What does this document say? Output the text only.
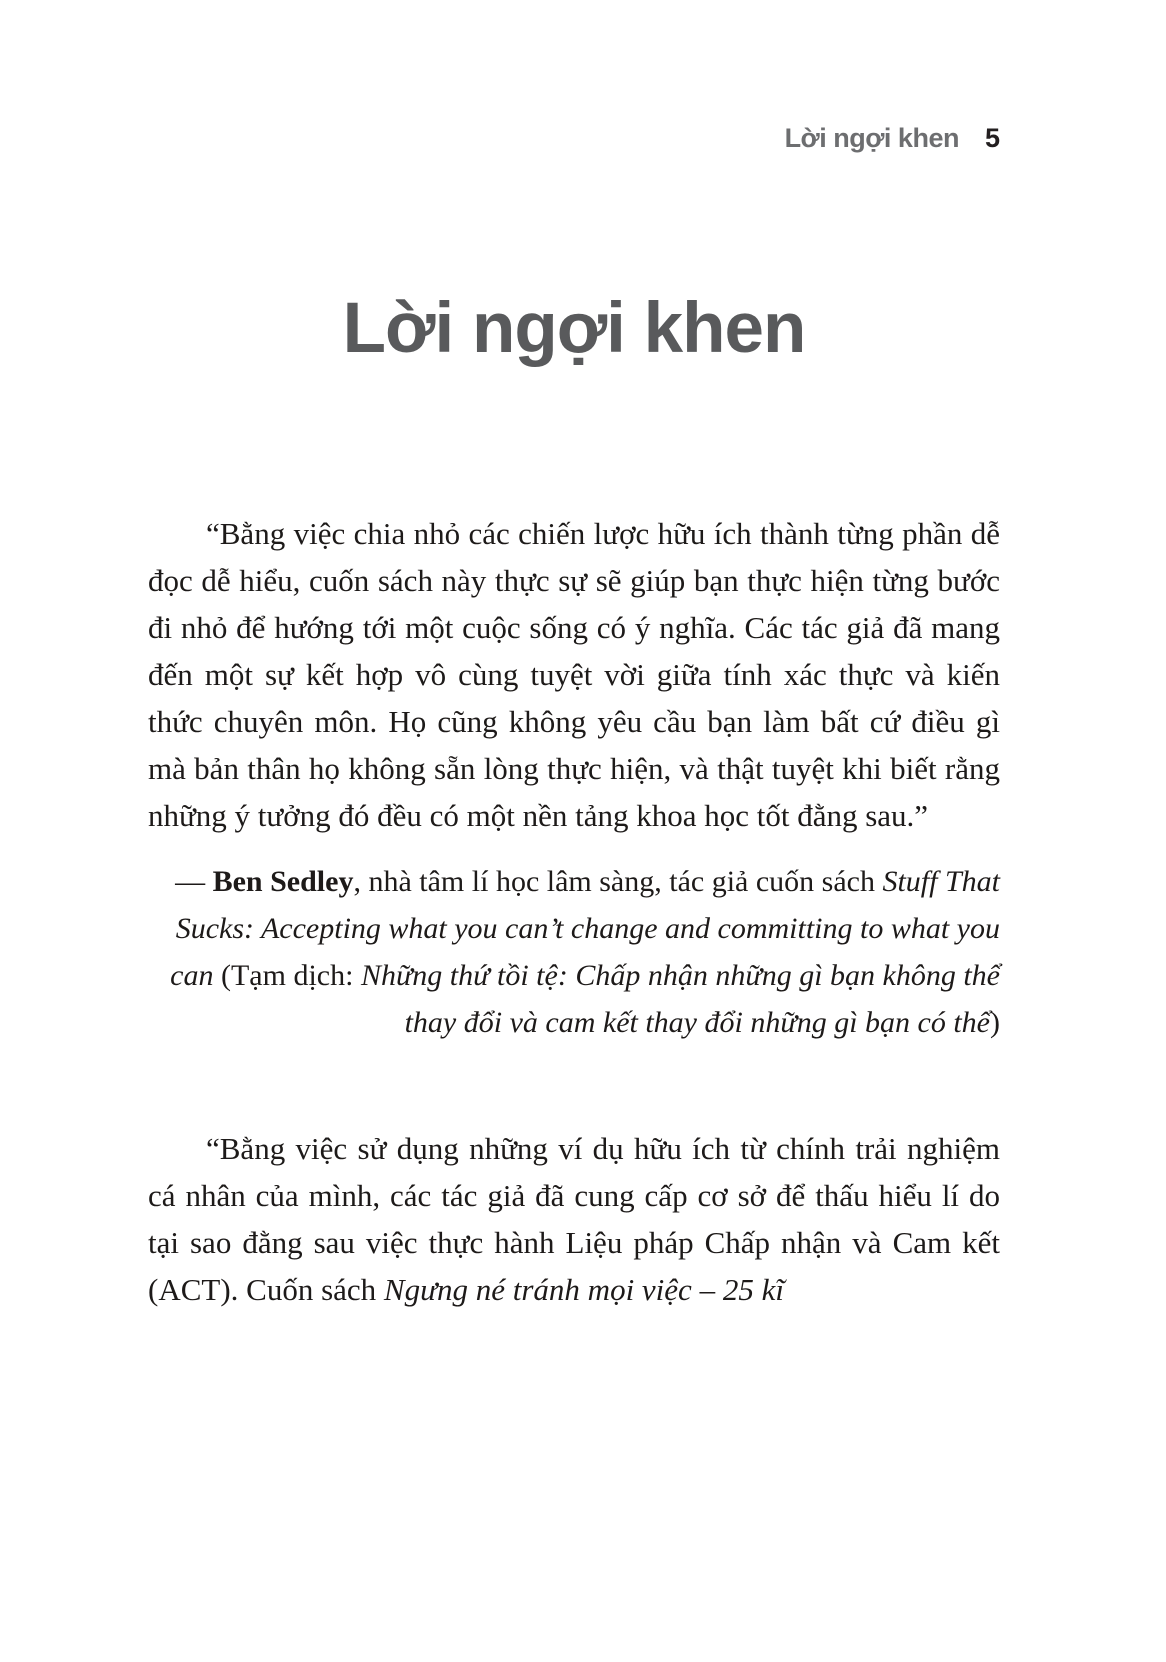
Lời ngợi khen 5
Lời ngợi khen

“Bằng việc chia nhỏ các chiến lược hữu ích thành từng phần dễ đọc dễ hiểu, cuốn sách này thực sự sẽ giúp bạn thực hiện từng bước đi nhỏ để hướng tới một cuộc sống có ý nghĩa. Các tác giả đã mang đến một sự kết hợp vô cùng tuyệt vời giữa tính xác thực và kiến thức chuyên môn. Họ cũng không yêu cầu bạn làm bất cứ điều gì mà bản thân họ không sẵn lòng thực hiện, và thật tuyệt khi biết rằng những ý tưởng đó đều có một nền tảng khoa học tốt đằng sau.”

— Ben Sedley, nhà tâm lí học lâm sàng, tác giả cuốn sách Stuff That Sucks: Accepting what you can’t change and committing to what you can (Tạm dịch: Những thứ tồi tệ: Chấp nhận những gì bạn không thể thay đổi và cam kết thay đổi những gì bạn có thể)

“Bằng việc sử dụng những ví dụ hữu ích từ chính trải nghiệm cá nhân của mình, các tác giả đã cung cấp cơ sở để thấu hiểu lí do tại sao đằng sau việc thực hành Liệu pháp Chấp nhận và Cam kết (ACT). Cuốn sách Ngưng né tránh mọi việc – 25 kĩ
